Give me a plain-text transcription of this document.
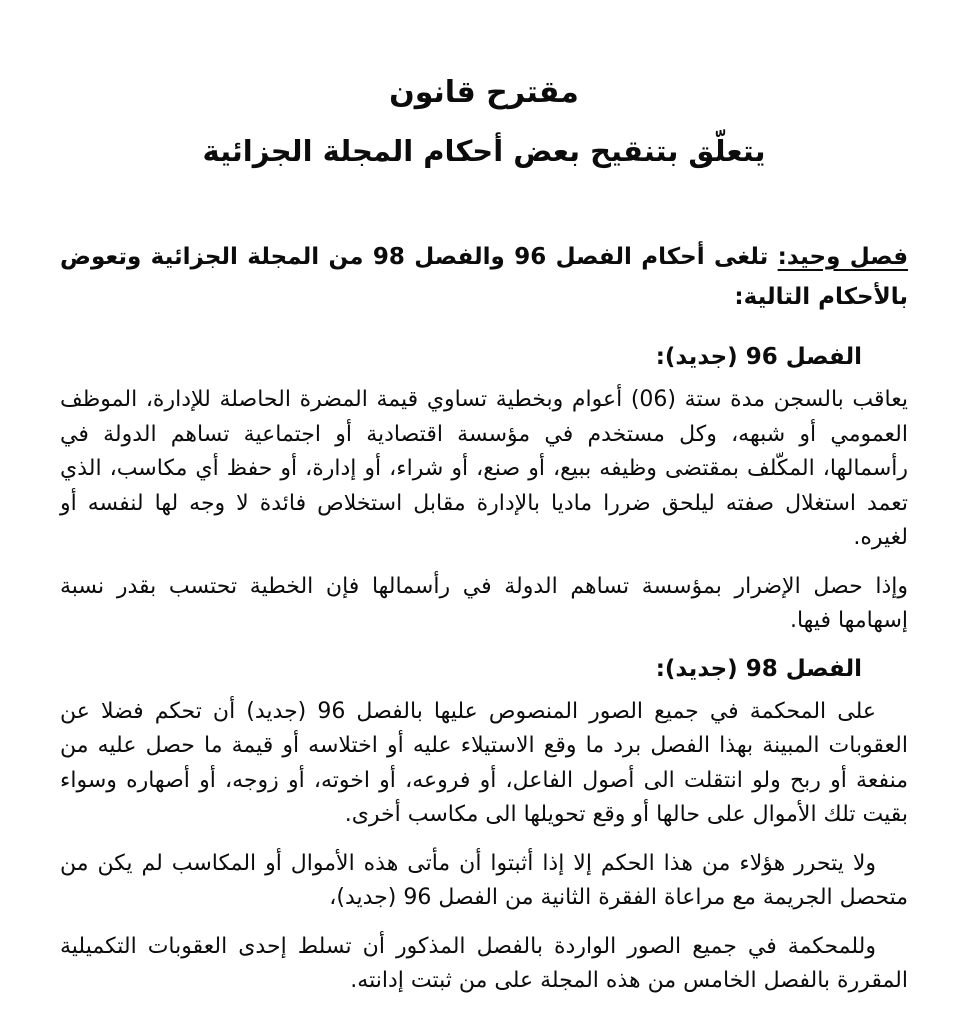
مقترح قانون
يتعلّق بتنقيح بعض أحكام المجلة الجزائية

فصل وحيد: تلغى أحكام الفصل 96 والفصل 98 من المجلة الجزائية وتعوض بالأحكام التالية:

الفصل 96 (جديد):

يعاقب بالسجن مدة ستة (06) أعوام وبخطية تساوي قيمة المضرة الحاصلة للإدارة، الموظف العمومي أو شبهه، وكل مستخدم في مؤسسة اقتصادية أو اجتماعية تساهم الدولة في رأسمالها، المكّلف بمقتضى وظيفه ببيع، أو صنع، أو شراء، أو إدارة، أو حفظ أي مكاسب، الذي تعمد استغلال صفته ليلحق ضررا ماديا بالإدارة مقابل استخلاص فائدة لا وجه لها لنفسه أو لغيره.

وإذا حصل الإضرار بمؤسسة تساهم الدولة في رأسمالها فإن الخطية تحتسب بقدر نسبة إسهامها فيها.

الفصل 98 (جديد):

على المحكمة في جميع الصور المنصوص عليها بالفصل 96 (جديد) أن تحكم فضلا عن العقوبات المبينة بهذا الفصل برد ما وقع الاستيلاء عليه أو اختلاسه أو قيمة ما حصل عليه من منفعة أو ربح ولو انتقلت الى أصول الفاعل، أو فروعه، أو اخوته، أو زوجه، أو أصهاره وسواء بقيت تلك الأموال على حالها أو وقع تحويلها الى مكاسب أخرى.

ولا يتحرر هؤلاء من هذا الحكم إلا إذا أثبتوا أن مأتى هذه الأموال أو المكاسب لم يكن من متحصل الجريمة مع مراعاة الفقرة الثانية من الفصل 96 (جديد)،

وللمحكمة في جميع الصور الواردة بالفصل المذكور أن تسلط إحدى العقوبات التكميلية المقررة بالفصل الخامس من هذه المجلة على من ثبتت إدانته.
